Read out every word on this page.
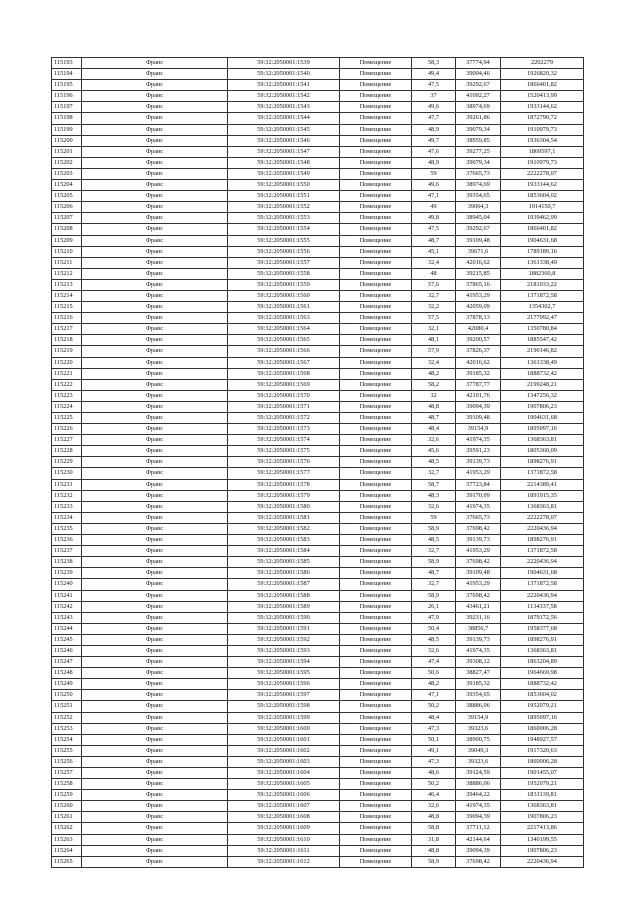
115193	Франс	59:32:2050001:1539	Помещение	58,3	37774,94	2202279
115194	Франс	59:32:2050001:1540	Помещение	49,4	39004,46	1926820,32
115195	Франс	59:32:2050001:1541	Помещение	47,5	39292,67	1866401,82
115196	Франс	59:32:2050001:1542	Помещение	37	41092,27	1520413,99
115197	Франс	59:32:2050001:1543	Помещение	49,6	38974,69	1933144,62
115198	Франс	59:32:2050001:1544	Помещение	47,7	39261,86	1872790,72
115199	Франс	59:32:2050001:1545	Помещение	48,9	39079,34	1910979,73
115200	Франс	59:32:2050001:1546	Помещение	49,7	38959,85	1936304,54
115201	Франс	59:32:2050001:1547	Помещение	47,6	39277,25	1869597,1
115202	Франс	59:32:2050001:1548	Помещение	48,9	39079,34	1910979,73
115203	Франс	59:32:2050001:1549	Помещение	59	37665,73	2222278,07
115204	Франс	59:32:2050001:1550	Помещение	49,6	38974,69	1933144,62
115205	Франс	59:32:2050001:1551	Помещение	47,1	39354,65	1853604,02
115206	Франс	59:32:2050001:1552	Помещение	49	39064,3	1914150,7
115207	Франс	59:32:2050001:1553	Помещение	49,8	38945,04	1939462,99
115208	Франс	59:32:2050001:1554	Помещение	47,5	39292,67	1866401,82
115209	Франс	59:32:2050001:1555	Помещение	48,7	39109,48	1904631,68
115210	Франс	59:32:2050001:1556	Помещение	45,1	39671,6	1789189,16
115211	Франс	59:32:2050001:1557	Помещение	32,4	42016,62	1361338,49
115212	Франс	59:32:2050001:1558	Помещение	48	39215,85	1882360,8
115213	Франс	59:32:2050001:1559	Помещение	57,6	37865,16	2181033,22
115214	Франс	59:32:2050001:1560	Помещение	32,7	41953,29	1371872,58
115215	Франс	59:32:2050001:1561	Помещение	32,2	42059,09	1354302,7
115216	Франс	59:32:2050001:1563	Помещение	57,5	37878,13	2177992,47
115217	Франс	59:32:2050001:1564	Помещение	32,1	42080,4	1350780,84
115218	Франс	59:32:2050001:1565	Помещение	48,1	39200,57	1885547,42
115219	Франс	59:32:2050001:1566	Помещение	57,9	37826,37	2190146,82
115220	Франс	59:32:2050001:1567	Помещение	32,4	42016,62	1361338,49
115221	Франс	59:32:2050001:1568	Помещение	48,2	39185,32	1888732,42
115222	Франс	59:32:2050001:1569	Помещение	58,2	37787,77	2199248,21
115223	Франс	59:32:2050001:1570	Помещение	32	42101,76	1347256,32
115224	Франс	59:32:2050001:1571	Помещение	48,8	39094,39	1907806,23
115225	Франс	59:32:2050001:1572	Помещение	48,7	39109,48	1904631,68
115226	Франс	59:32:2050001:1573	Помещение	48,4	39154,9	1895097,16
115227	Франс	59:32:2050001:1574	Помещение	32,6	41974,35	1368363,81
115228	Франс	59:32:2050001:1575	Помещение	45,6	39591,23	1805360,09
115229	Франс	59:32:2050001:1576	Помещение	48,5	39139,73	1898276,91
115230	Франс	59:32:2050001:1577	Помещение	32,7	41953,29	1371872,58
115231	Франс	59:32:2050001:1578	Помещение	58,7	37723,84	2214389,41
115232	Франс	59:32:2050001:1579	Помещение	48,3	39170,09	1891915,35
115233	Франс	59:32:2050001:1580	Помещение	32,6	41974,35	1368363,81
115234	Франс	59:32:2050001:1581	Помещение	59	37665,73	2222278,07
115235	Франс	59:32:2050001:1582	Помещение	58,9	37698,42	2220436,94
115236	Франс	59:32:2050001:1583	Помещение	48,5	39139,73	1898276,91
115237	Франс	59:32:2050001:1584	Помещение	32,7	41953,29	1371872,58
115238	Франс	59:32:2050001:1585	Помещение	58,9	37698,42	2220436,94
115239	Франс	59:32:2050001:1586	Помещение	48,7	39109,48	1904631,68
115240	Франс	59:32:2050001:1587	Помещение	32,7	41953,29	1371872,58
115241	Франс	59:32:2050001:1588	Помещение	58,9	37698,42	2220436,94
115242	Франс	59:32:2050001:1589	Помещение	26,1	43461,21	1134337,58
115243	Франс	59:32:2050001:1590	Помещение	47,9	39231,16	1879172,56
115244	Франс	59:32:2050001:1591	Помещение	50,4	38856,7	1958377,68
115245	Франс	59:32:2050001:1592	Помещение	48,5	39139,73	1898276,91
115246	Франс	59:32:2050001:1593	Помещение	32,6	41974,35	1368363,81
115247	Франс	59:32:2050001:1594	Помещение	47,4	39308,12	1863204,89
115248	Франс	59:32:2050001:1595	Помещение	50,6	38827,47	1964669,98
115249	Франс	59:32:2050001:1596	Помещение	48,2	39185,32	1888732,42
115250	Франс	59:32:2050001:1597	Помещение	47,1	39354,65	1853604,02
115251	Франс	59:32:2050001:1598	Помещение	50,2	38886,06	1952079,21
115252	Франс	59:32:2050001:1599	Помещение	48,4	39154,9	1895097,16
115253	Франс	59:32:2050001:1600	Помещение	47,3	39323,6	1860006,28
115254	Франс	59:32:2050001:1601	Помещение	50,1	38900,75	1948927,57
115255	Франс	59:32:2050001:1602	Помещение	49,1	39049,3	1917320,63
115256	Франс	59:32:2050001:1603	Помещение	47,3	39323,6	1860006,28
115257	Франс	59:32:2050001:1604	Помещение	48,6	39124,59	1901455,07
115258	Франс	59:32:2050001:1605	Помещение	50,2	38886,06	1952079,21
115259	Франс	59:32:2050001:1606	Помещение	46,4	39464,22	1831139,81
115260	Франс	59:32:2050001:1607	Помещение	32,6	41974,35	1368363,81
115261	Франс	59:32:2050001:1608	Помещение	48,8	39094,39	1907806,23
115262	Франс	59:32:2050001:1609	Помещение	58,8	37711,12	2217413,86
115263	Франс	59:32:2050001:1610	Помещение	31,8	42144,64	1340199,55
115264	Франс	59:32:2050001:1611	Помещение	48,8	39094,39	1907806,23
115265	Франс	59:32:2050001:1612	Помещение	58,9	37698,42	2220436,94
